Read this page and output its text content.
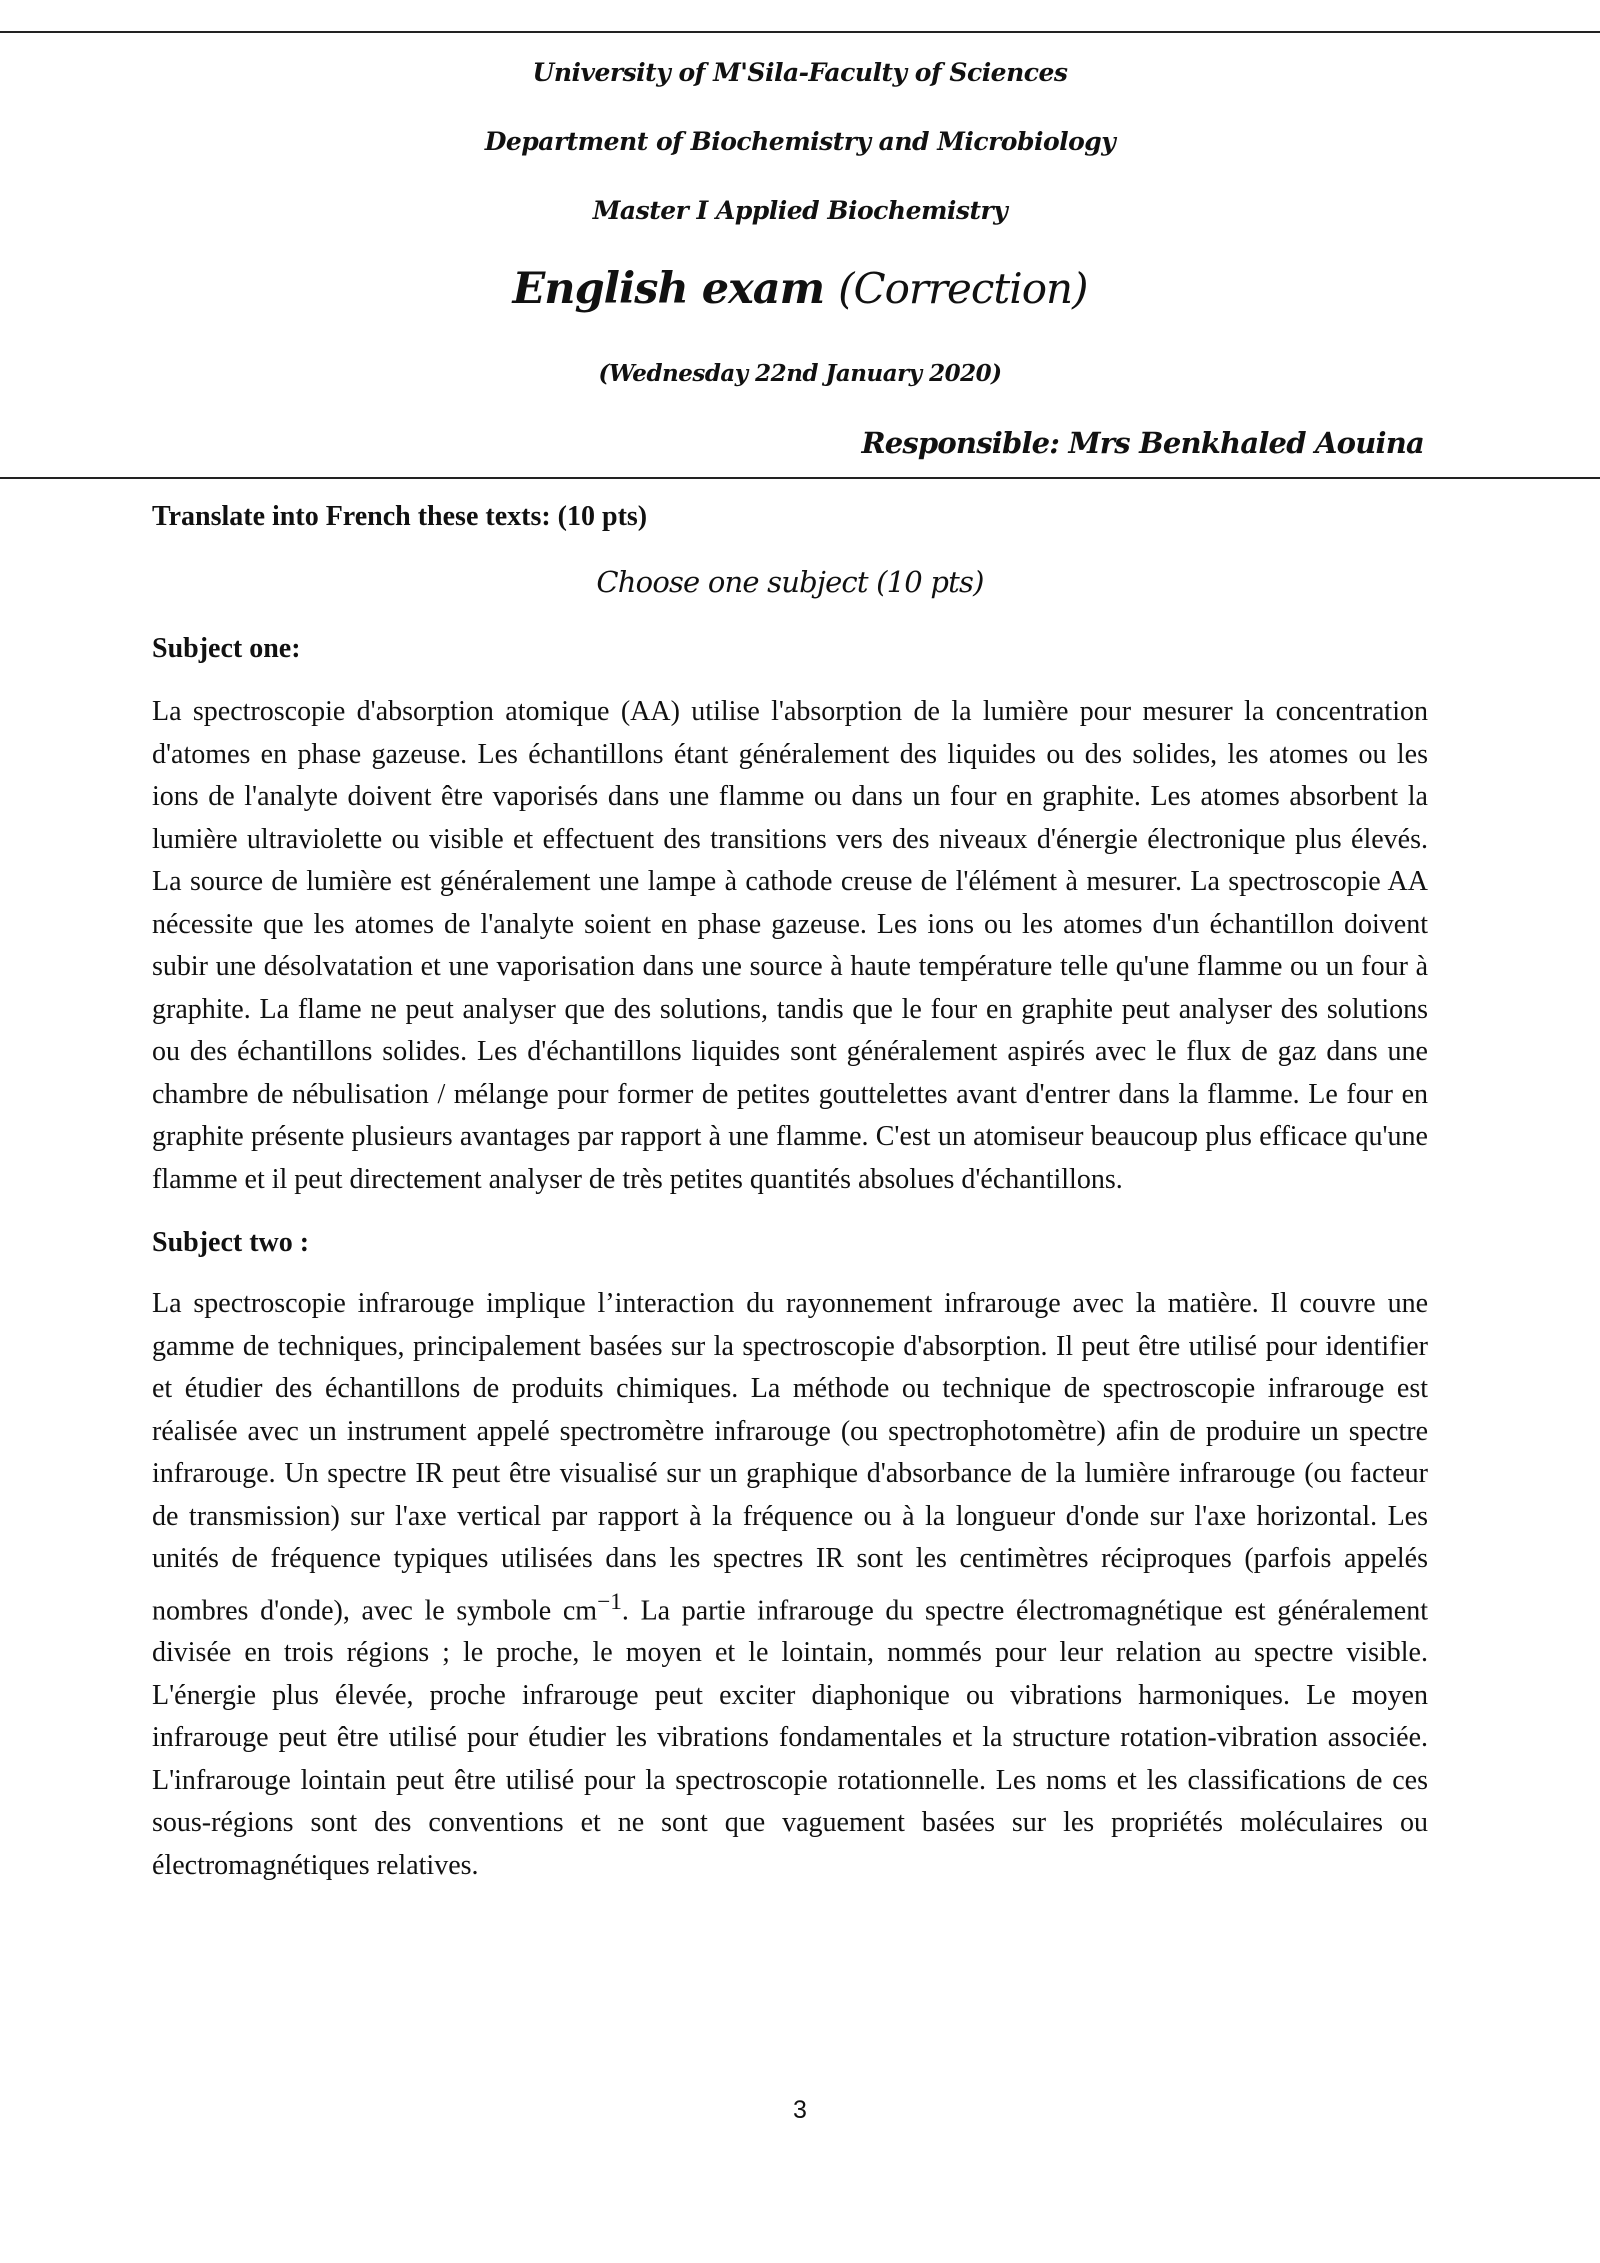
University of M'Sila-Faculty of Sciences
Department of Biochemistry and Microbiology
Master I Applied Biochemistry
English exam (Correction)
(Wednesday 22nd January 2020)
Responsible: Mrs Benkhaled Aouina

Translate into French these texts: (10 pts)

Choose one subject (10 pts)

Subject one:

La spectroscopie d'absorption atomique (AA) utilise l'absorption de la lumière pour mesurer la concentration d'atomes en phase gazeuse. Les échantillons étant généralement des liquides ou des solides, les atomes ou les ions de l'analyte doivent être vaporisés dans une flamme ou dans un four en graphite. Les atomes absorbent la lumière ultraviolette ou visible et effectuent des transitions vers des niveaux d'énergie électronique plus élevés. La source de lumière est généralement une lampe à cathode creuse de l'élément à mesurer. La spectroscopie AA nécessite que les atomes de l'analyte soient en phase gazeuse. Les ions ou les atomes d'un échantillon doivent subir une désolvatation et une vaporisation dans une source à haute température telle qu'une flamme ou un four à graphite. La flame ne peut analyser que des solutions, tandis que le four en graphite peut analyser des solutions ou des échantillons solides. Les d'échantillons liquides sont généralement aspirés avec le flux de gaz dans une chambre de nébulisation / mélange pour former de petites gouttelettes avant d'entrer dans la flamme. Le four en graphite présente plusieurs avantages par rapport à une flamme. C'est un atomiseur beaucoup plus efficace qu'une flamme et il peut directement analyser de très petites quantités absolues d'échantillons.

Subject two :

La spectroscopie infrarouge implique l’interaction du rayonnement infrarouge avec la matière. Il couvre une gamme de techniques, principalement basées sur la spectroscopie d'absorption. Il peut être utilisé pour identifier et étudier des échantillons de produits chimiques. La méthode ou technique de spectroscopie infrarouge est réalisée avec un instrument appelé spectromètre infrarouge (ou spectrophotomètre) afin de produire un spectre infrarouge. Un spectre IR peut être visualisé sur un graphique d'absorbance de la lumière infrarouge (ou facteur de transmission) sur l'axe vertical par rapport à la fréquence ou à la longueur d'onde sur l'axe horizontal. Les unités de fréquence typiques utilisées dans les spectres IR sont les centimètres réciproques (parfois appelés nombres d'onde), avec le symbole $cm^{-1}$. La partie infrarouge du spectre électromagnétique est généralement divisée en trois régions ; le proche, le moyen et le lointain, nommés pour leur relation au spectre visible. L'énergie plus élevée, proche infrarouge peut exciter diaphonique ou vibrations harmoniques. Le moyen infrarouge peut être utilisé pour étudier les vibrations fondamentales et la structure rotation-vibration associée. L'infrarouge lointain peut être utilisé pour la spectroscopie rotationnelle. Les noms et les classifications de ces sous-régions sont des conventions et ne sont que vaguement basées sur les propriétés moléculaires ou électromagnétiques relatives.

3
